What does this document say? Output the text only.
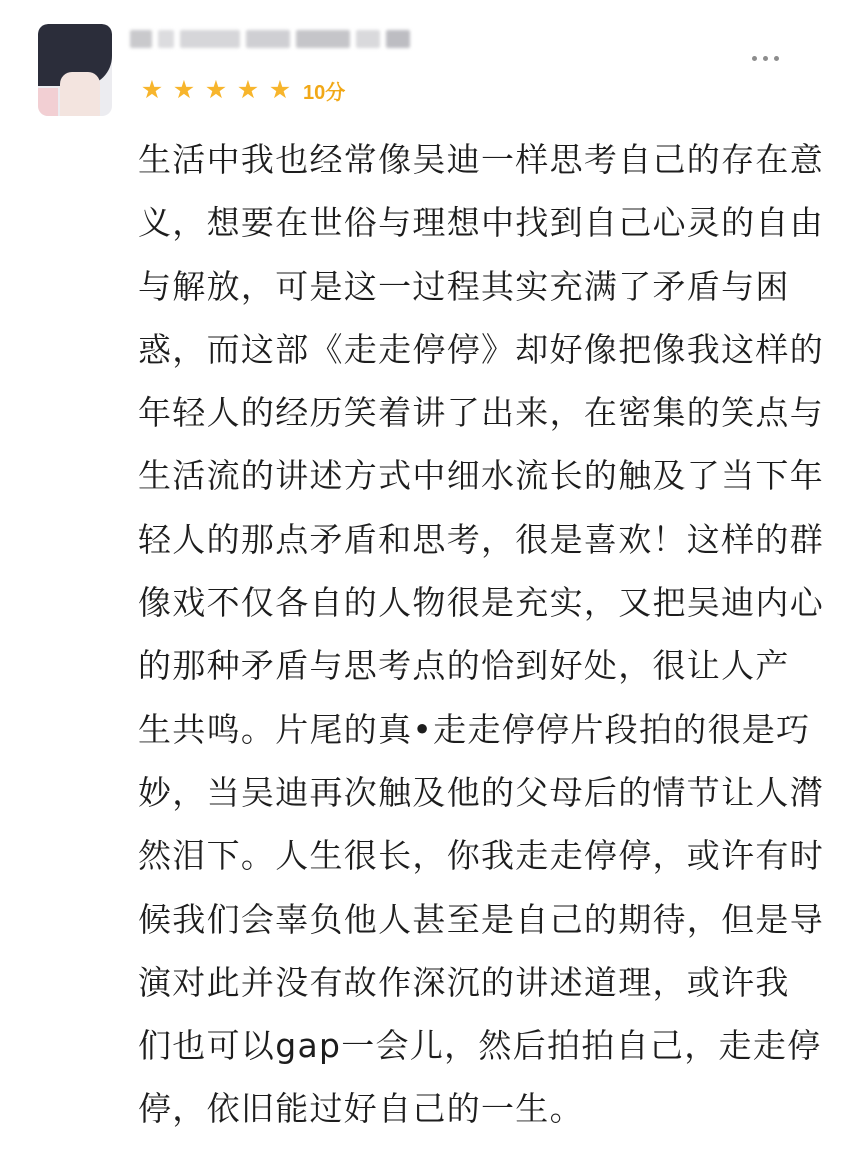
★ ★ ★ ★ ★ 10分
生活中我也经常像吴迪一样思考自己的存在意
义，想要在世俗与理想中找到自己心灵的自由
与解放，可是这一过程其实充满了矛盾与困
惑，而这部《走走停停》却好像把像我这样的
年轻人的经历笑着讲了出来，在密集的笑点与
生活流的讲述方式中细水流长的触及了当下年
轻人的那点矛盾和思考，很是喜欢！这样的群
像戏不仅各自的人物很是充实，又把吴迪内心
的那种矛盾与思考点的恰到好处，很让人产
生共鸣。片尾的真•走走停停片段拍的很是巧
妙，当吴迪再次触及他的父母后的情节让人潸
然泪下。人生很长，你我走走停停，或许有时
候我们会辜负他人甚至是自己的期待，但是导
演对此并没有故作深沉的讲述道理，或许我
们也可以gap一会儿，然后拍拍自己，走走停
停，依旧能过好自己的一生。
